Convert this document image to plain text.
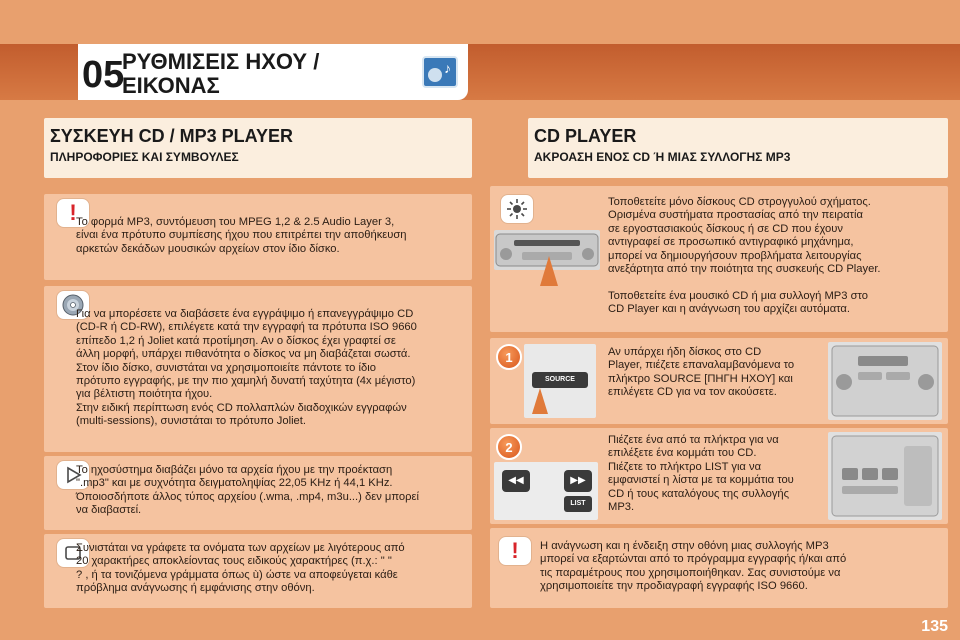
05
ΡΥΘΜΙΣΕΙΣ ΗΧΟΥ /
ΕΙΚΟΝΑΣ
♪
ΣΥΣΚΕΥΗ CD / MP3 PLAYER
ΠΛΗΡΟΦΟΡΙΕΣ ΚΑΙ ΣΥΜΒΟΥΛΕΣ
CD PLAYER
ΑΚΡΟΑΣΗ ΕΝΟΣ CD Ή ΜΙΑΣ ΣΥΛΛΟΓΗΣ MP3
! Το φορμά MP3, συντόμευση του MPEG 1,2 & 2.5 Audio Layer 3,
είναι ένα πρότυπο συμπίεσης ήχου που επιτρέπει την αποθήκευση
αρκετών δεκάδων μουσικών αρχείων στον ίδιο δίσκο.

Για να μπορέσετε να διαβάσετε ένα εγγράψιμο ή επανεγγράψιμο CD
(CD-R ή CD-RW), επιλέγετε κατά την εγγραφή τα πρότυπα ISO 9660
επίπεδο 1,2 ή Joliet κατά προτίμηση. Αν ο δίσκος έχει γραφτεί σε
άλλη μορφή, υπάρχει πιθανότητα ο δίσκος να μη διαβάζεται σωστά.
Στον ίδιο δίσκο, συνιστάται να χρησιμοποιείτε πάντοτε το ίδιο
πρότυπο εγγραφής, με την πιο χαμηλή δυνατή ταχύτητα (4x μέγιστο)
για βέλτιστη ποιότητα ήχου.
Στην ειδική περίπτωση ενός CD πολλαπλών διαδοχικών εγγραφών
(multi-sessions), συνιστάται το πρότυπο Joliet.

Το ηχοσύστημα διαβάζει μόνο τα αρχεία ήχου με την προέκταση
".mp3" και με συχνότητα δειγματοληψίας 22,05 KHz ή 44,1 KHz.
Όποιοσδήποτε άλλος τύπος αρχείου (.wma, .mp4, m3u...) δεν μπορεί
να διαβαστεί.

Συνιστάται να γράφετε τα ονόματα των αρχείων με λιγότερους από
20 χαρακτήρες αποκλείοντας τους ειδικούς χαρακτήρες (π.χ.: " "
? , ή τα τονιζόμενα γράμματα όπως ù) ώστε να αποφεύγεται κάθε
πρόβλημα ανάγνωσης ή εμφάνισης στην οθόνη.

Τοποθετείτε μόνο δίσκους CD στρογγυλού σχήματος.
Ορισμένα συστήματα προστασίας από την πειρατία
σε εργοστασιακούς δίσκους ή σε CD που έχουν
αντιγραφεί σε προσωπικό αντιγραφικό μηχάνημα,
μπορεί να δημιουργήσουν προβλήματα λειτουργίας
ανεξάρτητα από την ποιότητα της συσκευής CD Player.
Τοποθετείτε ένα μουσικό CD ή μια συλλογή MP3 στο
CD Player και η ανάγνωση του αρχίζει αυτόματα.

1
SOURCE

Αν υπάρχει ήδη δίσκος στο CD
Player, πιέζετε επαναλαμβανόμενα το
πλήκτρο SOURCE [ΠΗΓΗ ΗΧΟΥ] και
επιλέγετε CD για να τον ακούσετε.

2
◀◀	▶▶
LIST

Πιέζετε ένα από τα πλήκτρα για να
επιλέξετε ένα κομμάτι του CD.
Πιέζετε το πλήκτρο LIST για να
εμφανιστεί η λίστα με τα κομμάτια του
CD ή τους καταλόγους της συλλογής
MP3.

!	Η ανάγνωση και η ένδειξη στην οθόνη μιας συλλογής MP3
μπορεί να εξαρτώνται από το πρόγραμμα εγγραφής ή/και από
τις παραμέτρους που χρησιμοποιήθηκαν. Σας συνιστούμε να
χρησιμοποιείτε την προδιαγραφή εγγραφής ISO 9660.

135
